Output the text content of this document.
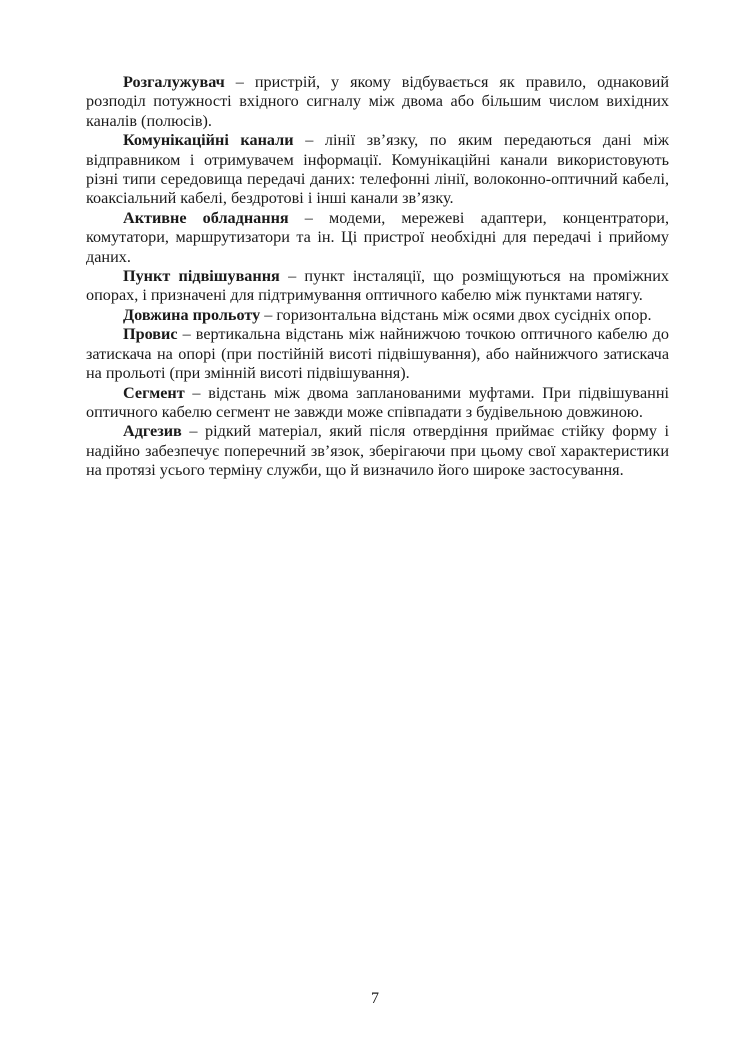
Розгалужувач – пристрій, у якому відбувається як правило, однаковий розподіл потужності вхідного сигналу між двома або більшим числом вихідних каналів (полюсів).

Комунікаційні канали – лінії зв’язку, по яким передаються дані між відправником і отримувачем інформації. Комунікаційні канали використовують різні типи середовища передачі даних: телефонні лінії, волоконно-оптичний кабелі, коаксіальний кабелі, бездротові і інші канали зв’язку.

Активне обладнання – модеми, мережеві адаптери, концентратори, комутатори, маршрутизатори та ін. Ці пристрої необхідні для передачі і прийому даних.

Пункт підвішування – пункт інсталяції, що розміщуються на проміжних опорах, і призначені для підтримування оптичного кабелю між пунктами натягу.

Довжина прольоту – горизонтальна відстань між осями двох сусідніх опор.

Провис – вертикальна відстань між найнижчою точкою оптичного кабелю до затискача на опорі (при постійній висоті підвішування), або найнижчого затискача на прольоті (при змінній висоті підвішування).

Сегмент – відстань між двома запланованими муфтами. При підвішуванні оптичного кабелю сегмент не завжди може співпадати з будівельною довжиною.

Адгезив – рідкий матеріал, який після отвердіння приймає стійку форму і надійно забезпечує поперечний зв’язок, зберігаючи при цьому свої характеристики на протязі усього терміну служби, що й визначило його широке застосування.

7
